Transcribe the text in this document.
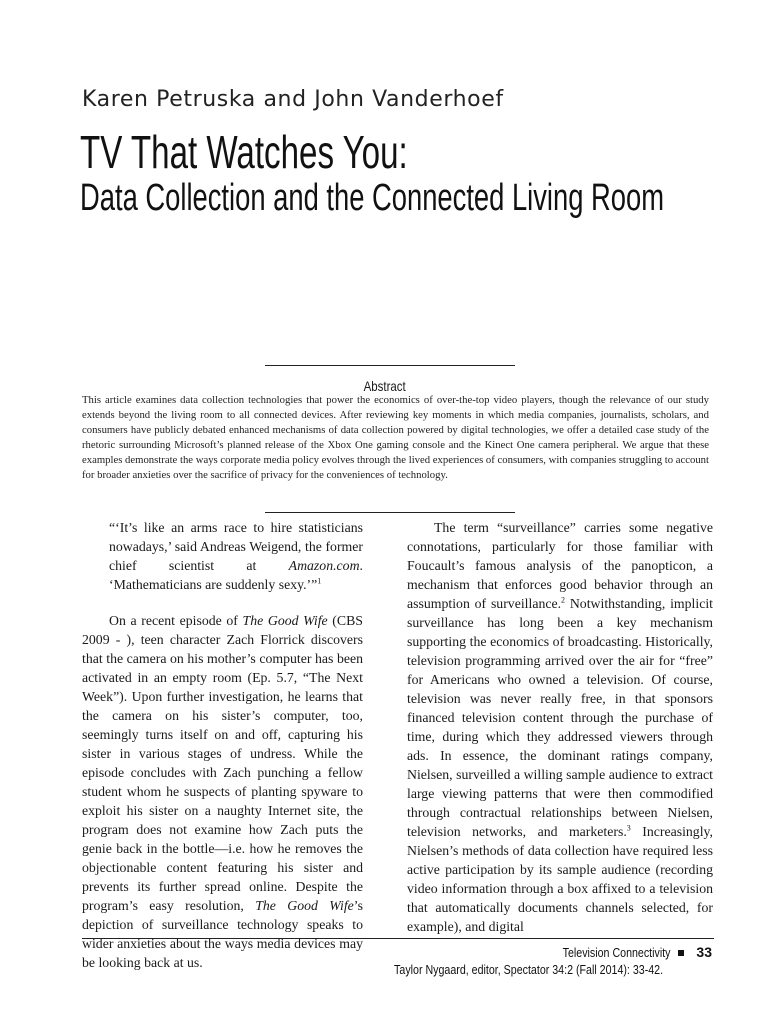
Karen Petruska and John Vanderhoef
TV That Watches You:
Data Collection and the Connected Living Room
Abstract

This article examines data collection technologies that power the economics of over-the-top video players, though the relevance of our study extends beyond the living room to all connected devices. After reviewing key moments in which media companies, journalists, scholars, and consumers have publicly debated enhanced mechanisms of data collection powered by digital technologies, we offer a detailed case study of the rhetoric surrounding Microsoft’s planned release of the Xbox One gaming console and the Kinect One camera peripheral. We argue that these examples demonstrate the ways corporate media policy evolves through the lived experiences of consumers, with companies struggling to account for broader anxieties over the sacrifice of privacy for the conveniences of technology.

“‘It’s like an arms race to hire statisticians nowadays,’ said Andreas Weigend, the former chief scientist at Amazon.com. ‘Mathematicians are suddenly sexy.’”$^1$

On a recent episode of The Good Wife (CBS 2009 - ), teen character Zach Florrick discovers that the camera on his mother’s computer has been activated in an empty room (Ep. 5.7, “The Next Week”). Upon further investigation, he learns that the camera on his sister’s computer, too, seemingly turns itself on and off, capturing his sister in various stages of undress. While the episode concludes with Zach punching a fellow student whom he suspects of planting spyware to exploit his sister on a naughty Internet site, the program does not examine how Zach puts the genie back in the bottle—i.e. how he removes the objectionable content featuring his sister and prevents its further spread online. Despite the program’s easy resolution, The Good Wife’s depiction of surveillance technology speaks to wider anxieties about the ways media devices may be looking back at us.

The term “surveillance” carries some negative connotations, particularly for those familiar with Foucault’s famous analysis of the panopticon, a mechanism that enforces good behavior through an assumption of surveillance.$^2$ Notwithstanding, implicit surveillance has long been a key mechanism supporting the economics of broadcasting. Historically, television programming arrived over the air for “free” for Americans who owned a television. Of course, television was never really free, in that sponsors financed television content through the purchase of time, during which they addressed viewers through ads. In essence, the dominant ratings company, Nielsen, surveilled a willing sample audience to extract large viewing patterns that were then commodified through contractual relationships between Nielsen, television networks, and marketers.$^3$ Increasingly, Nielsen’s methods of data collection have required less active participation by its sample audience (recording video information through a box affixed to a television that automatically documents channels selected, for example), and digital

Television Connectivity 33
Taylor Nygaard, editor, Spectator 34:2 (Fall 2014): 33-42.
